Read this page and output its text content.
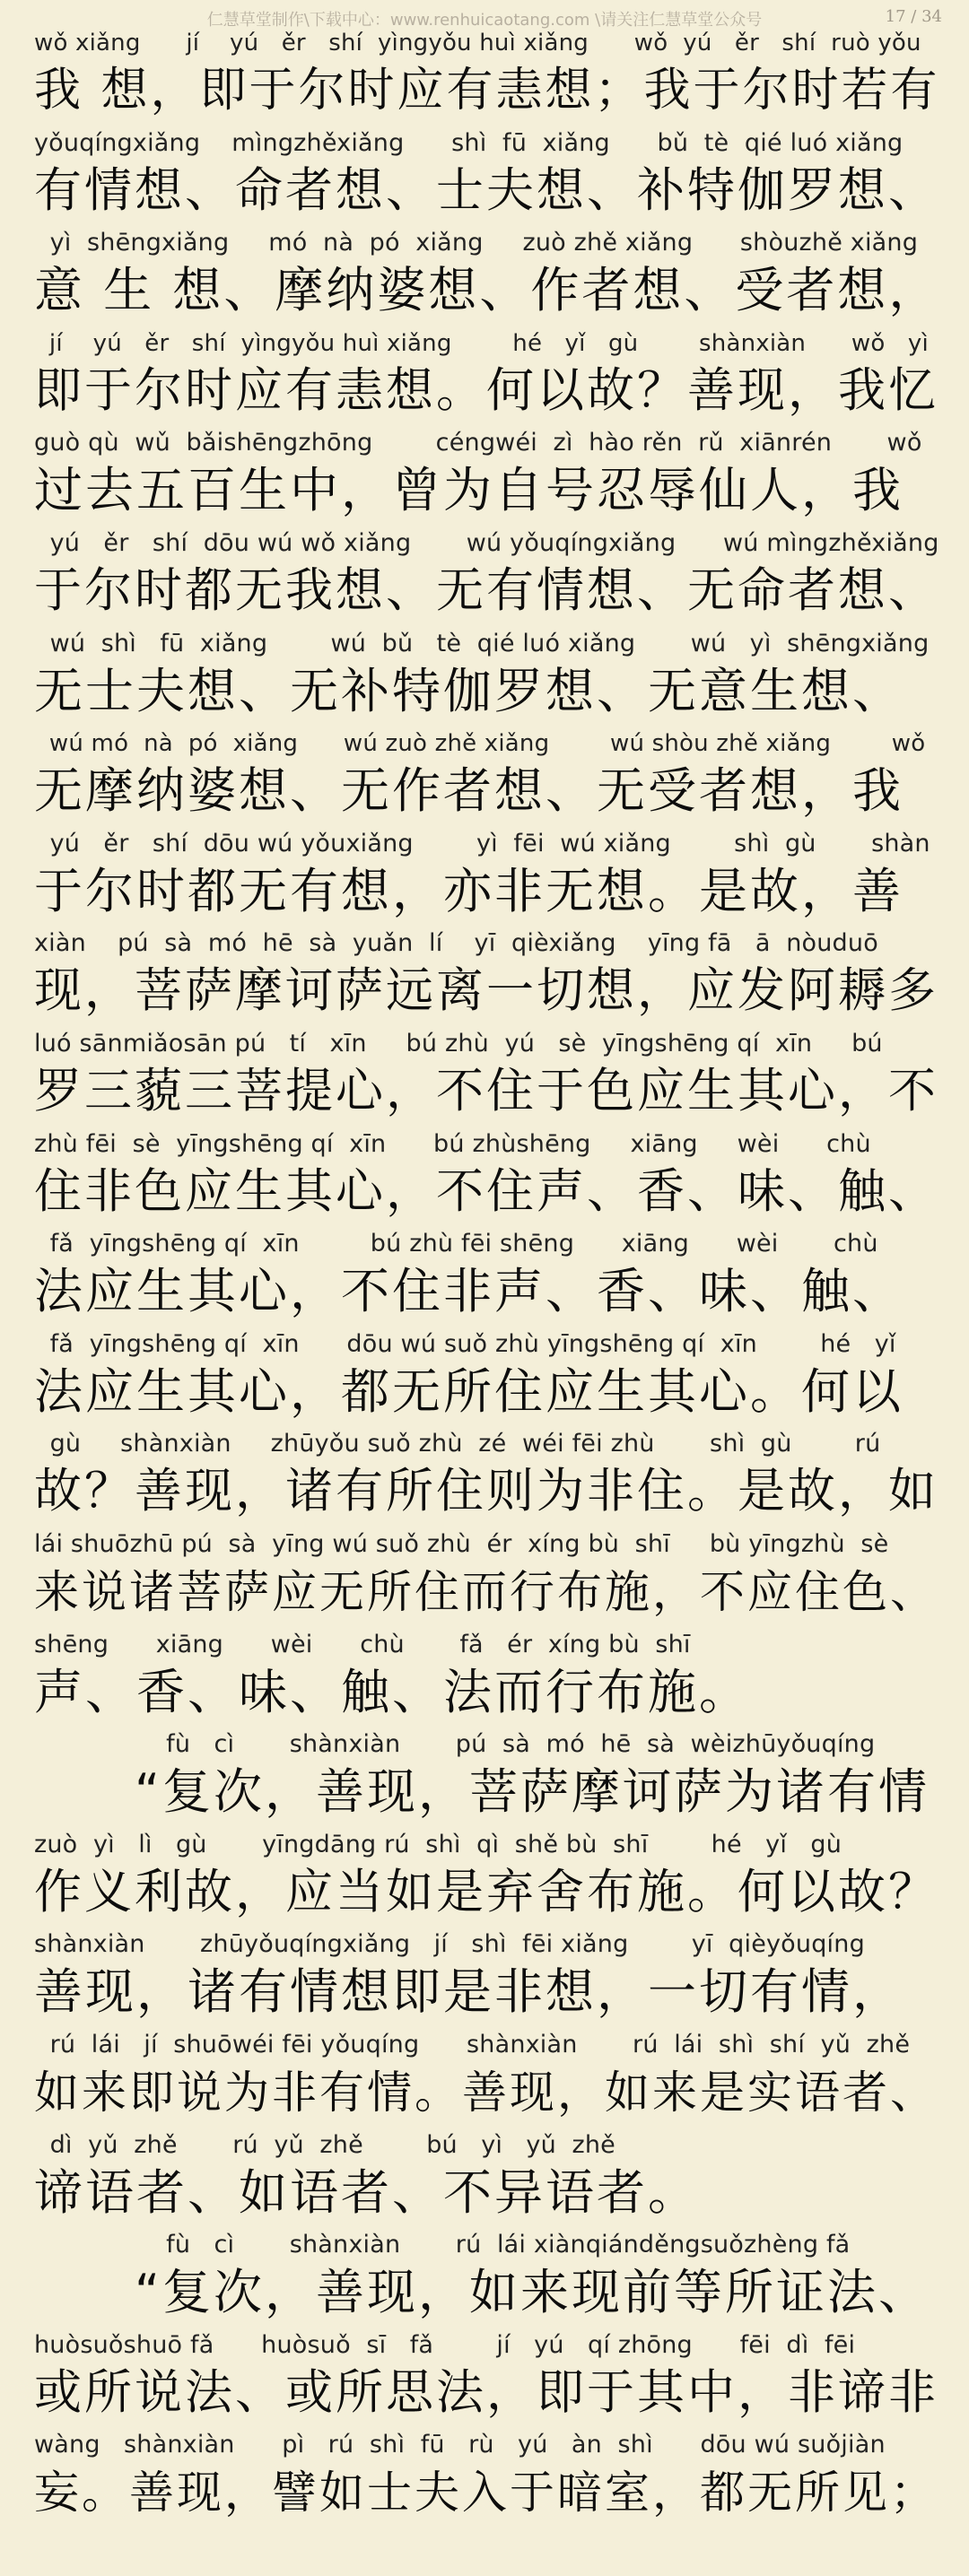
仁慧草堂制作\下载中心：www.renhuicaotang.com \请关注仁慧草堂公众号	17 / 34
wǒ xiǎng      jí    yú   ěr   shí  yìngyǒu huì xiǎng      wǒ  yú   ěr   shí  ruò yǒu
我 想，即于尔时应有恚想；我于尔时若有
yǒuqíngxiǎng    mìngzhěxiǎng      shì  fū  xiǎng      bǔ  tè  qié luó xiǎng
有情想、命者想、士夫想、补特伽罗想、
yì  shēngxiǎng     mó  nà  pó  xiǎng     zuò zhě xiǎng      shòuzhě xiǎng
意 生 想、摩纳婆想、作者想、受者想，
jí    yú   ěr   shí  yìngyǒu huì xiǎng        hé   yǐ   gù        shànxiàn      wǒ   yì
即于尔时应有恚想。何以故？善现，我忆
guò qù  wǔ  bǎishēngzhōng        céngwéi  zì  hào rěn  rǔ  xiānrén       wǒ
过去五百生中，曾为自号忍辱仙人，我
yú   ěr   shí  dōu wú wǒ xiǎng       wú yǒuqíngxiǎng      wú mìngzhěxiǎng
于尔时都无我想、无有情想、无命者想、
wú  shì   fū  xiǎng        wú  bǔ   tè  qié luó xiǎng       wú   yì  shēngxiǎng
无士夫想、无补特伽罗想、无意生想、
wú mó  nà  pó  xiǎng      wú zuò zhě xiǎng        wú shòu zhě xiǎng        wǒ
无摩纳婆想、无作者想、无受者想，我
yú   ěr   shí  dōu wú yǒuxiǎng        yì  fēi  wú xiǎng        shì  gù       shàn
于尔时都无有想，亦非无想。是故，善
xiàn    pú  sà  mó  hē  sà  yuǎn  lí    yī  qièxiǎng    yīng fā   ā  nòuduō
现，菩萨摩诃萨远离一切想，应发阿耨多
luó sānmiǎosān pú   tí   xīn     bú zhù  yú   sè  yīngshēng qí  xīn     bú
罗三藐三菩提心，不住于色应生其心，不
zhù fēi  sè  yīngshēng qí  xīn      bú zhùshēng     xiāng     wèi      chù
住非色应生其心，不住声、香、味、触、
fǎ  yīngshēng qí  xīn         bú zhù fēi shēng      xiāng      wèi       chù
法应生其心，不住非声、香、味、触、
fǎ  yīngshēng qí  xīn      dōu wú suǒ zhù yīngshēng qí  xīn        hé   yǐ
法应生其心，都无所住应生其心。何以
gù     shànxiàn     zhūyǒu suǒ zhù  zé  wéi fēi zhù       shì  gù        rú
故？善现，诸有所住则为非住。是故，如
lái shuōzhū pú  sà  yīng wú suǒ zhù  ér  xíng bù  shī     bù yīngzhù  sè
来说诸菩萨应无所住而行布施，不应住色、
shēng      xiāng      wèi      chù       fǎ   ér  xíng bù  shī
声、香、味、触、法而行布施。
fù   cì       shànxiàn       pú  sà  mó  hē  sà  wèizhūyǒuqíng
“复次，善现，菩萨摩诃萨为诸有情
zuò  yì   lì   gù       yīngdāng rú  shì  qì  shě bù  shī        hé   yǐ   gù
作义利故，应当如是弃舍布施。何以故？
shànxiàn       zhūyǒuqíngxiǎng   jí   shì  fēi xiǎng        yī  qièyǒuqíng
善现，诸有情想即是非想，一切有情，
rú  lái   jí  shuōwéi fēi yǒuqíng      shànxiàn       rú  lái  shì  shí  yǔ  zhě
如来即说为非有情。善现，如来是实语者、
dì  yǔ  zhě       rú  yǔ  zhě        bú   yì   yǔ  zhě
谛语者、如语者、不异语者。
fù   cì       shànxiàn       rú  lái xiànqiánděngsuǒzhèng fǎ
“复次，善现，如来现前等所证法、
huòsuǒshuō fǎ      huòsuǒ  sī   fǎ        jí   yú   qí zhōng      fēi  dì  fēi
或所说法、或所思法，即于其中，非谛非
wàng   shànxiàn      pì   rú  shì  fū   rù   yú   àn  shì      dōu wú suǒjiàn
妄。善现，譬如士夫入于暗室，都无所见；
